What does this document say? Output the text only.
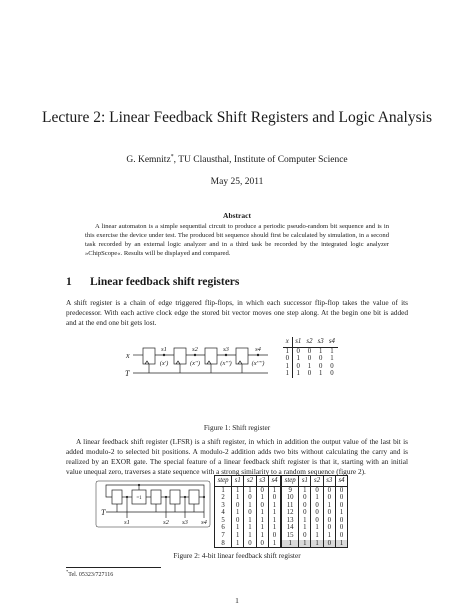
Lecture 2: Linear Feedback Shift Registers and Logic Analysis
G. Kemnitz*, TU Clausthal, Institute of Computer Science
May 25, 2011
Abstract
A linear automaton is a simple sequential circuit to produce a periodic pseudo-random bit sequence and is in this exercise the device under test. The produced bit sequence should first be calculated by simulation, in a second task recorded by an external logic analyzer and in a third task be recorded by the integrated logic analyzer »ChipScope«. Results will be displayed and compared.
1 Linear feedback shift registers
A shift register is a chain of edge triggered flip-flops, in which each successor flip-flop takes the value of its predecessor. With each active clock edge the stored bit vector moves one step along. At the begin one bit is added and at the end one bit gets lost.
x
T
s1	s2	s3	s4
(x')	(x'')	(x''')	(x'''')
x	s1	s2	s3	s4
1	0	0	1	1
0	1	0	0	1
1	0	1	0	0
1	1	0	1	0
Figure 1: Shift register
A linear feedback shift register (LFSR) is a shift register, in which in addition the output value of the last bit is added modulo-2 to selected bit positions. A modulo-2 addition adds two bits without calculating the carry and is realized by an EXOR gate. The special feature of a linear feedback shift register is that it, starting with an initial value unequal zero, traverses a state sequence with a strong similarity to a random sequence (figure 2).
=1
T
s1	s2 s3 s4
step	s1	s2	s3	s4	step	s1	s2	s3	s4
1	1	1	0	1	9	1	0	0	0
2	1	0	1	0	10	0	1	0	0
3	0	1	0	1	11	0	0	1	0
4	1	0	1	1	12	0	0	0	1
5	0	1	1	1	13	1	0	0	0
6	1	1	1	1	14	1	1	0	0
7	1	1	1	0	15	0	1	1	0
8	1	0	0	1	1	1	1	0	1
Figure 2: 4-bit linear feedback shift register
*Tel. 05323/727116
1
